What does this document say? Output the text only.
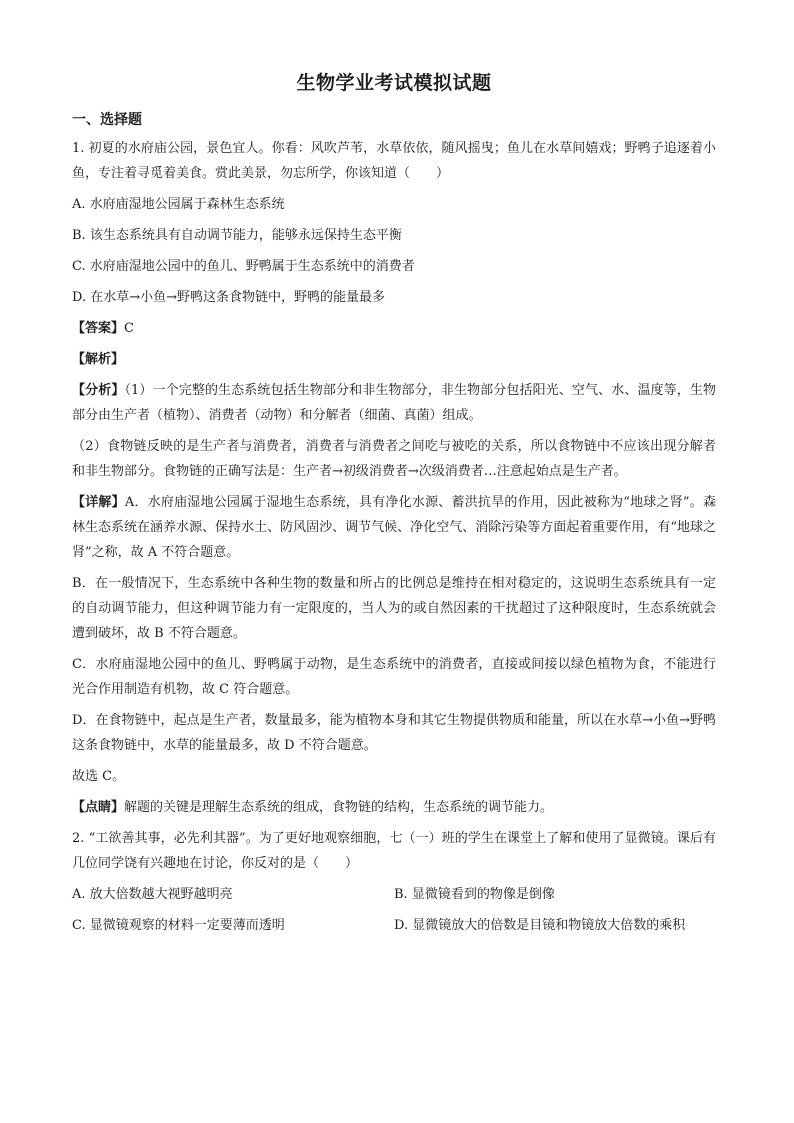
生物学业考试模拟试题
一、选择题
1. 初夏的水府庙公园，景色宜人。你看：风吹芦苇，水草依依，随风摇曳；鱼儿在水草间嬉戏；野鸭子追逐着小鱼，专注着寻觅着美食。赏此美景，勿忘所学，你该知道（　　）
A. 水府庙湿地公园属于森林生态系统
B. 该生态系统具有自动调节能力，能够永远保持生态平衡
C. 水府庙湿地公园中的鱼儿、野鸭属于生态系统中的消费者
D. 在水草→小鱼→野鸭这条食物链中，野鸭的能量最多
【答案】C
【解析】
【分析】（1）一个完整的生态系统包括生物部分和非生物部分，非生物部分包括阳光、空气、水、温度等，生物部分由生产者（植物）、消费者（动物）和分解者（细菌、真菌）组成。
（2）食物链反映的是生产者与消费者，消费者与消费者之间吃与被吃的关系，所以食物链中不应该出现分解者和非生物部分。食物链的正确写法是：生产者→初级消费者→次级消费者…注意起始点是生产者。
【详解】A．水府庙湿地公园属于湿地生态系统，具有净化水源、蓄洪抗旱的作用，因此被称为“地球之肾”。森林生态系统在涵养水源、保持水土、防风固沙、调节气候、净化空气、消除污染等方面起着重要作用，有“地球之肾”之称，故 A 不符合题意。
B．在一般情况下，生态系统中各种生物的数量和所占的比例总是维持在相对稳定的，这说明生态系统具有一定的自动调节能力，但这种调节能力有一定限度的，当人为的或自然因素的干扰超过了这种限度时，生态系统就会遭到破坏，故 B 不符合题意。
C．水府庙湿地公园中的鱼儿、野鸭属于动物，是生态系统中的消费者，直接或间接以绿色植物为食，不能进行光合作用制造有机物，故 C 符合题意。
D．在食物链中，起点是生产者，数量最多，能为植物本身和其它生物提供物质和能量，所以在水草→小鱼→野鸭这条食物链中，水草的能量最多，故 D 不符合题意。
故选 C。
【点睛】解题的关键是理解生态系统的组成，食物链的结构，生态系统的调节能力。
2. “工欲善其事，必先利其器”。为了更好地观察细胞，七（一）班的学生在课堂上了解和使用了显微镜。课后有几位同学饶有兴趣地在讨论，你反对的是（　　）
A. 放大倍数越大视野越明亮	B. 显微镜看到的物像是倒像
C. 显微镜观察的材料一定要薄而透明	D. 显微镜放大的倍数是目镜和物镜放大倍数的乘积
